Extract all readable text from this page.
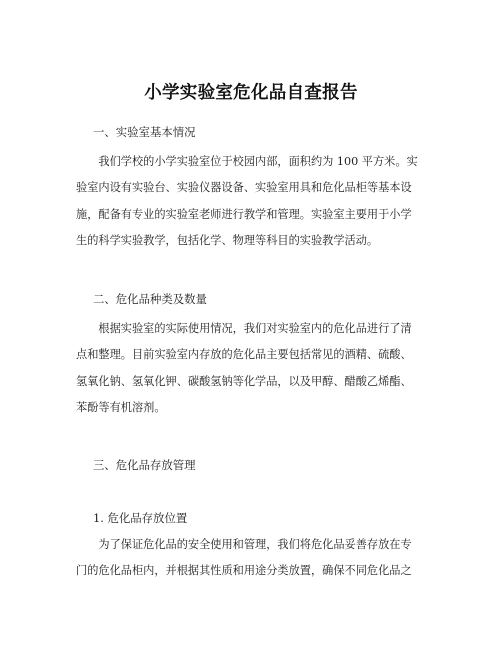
小学实验室危化品自查报告

一、实验室基本情况

我们学校的小学实验室位于校园内部，面积约为 100 平方米。实
验室内设有实验台、实验仪器设备、实验室用具和危化品柜等基本设
施，配备有专业的实验室老师进行教学和管理。实验室主要用于小学
生的科学实验教学，包括化学、物理等科目的实验教学活动。

二、危化品种类及数量

根据实验室的实际使用情况，我们对实验室内的危化品进行了清
点和整理。目前实验室内存放的危化品主要包括常见的酒精、硫酸、
氢氧化钠、氢氧化钾、碳酸氢钠等化学品，以及甲醇、醋酸乙烯酯、
苯酚等有机溶剂。

三、危化品存放管理

1. 危化品存放位置

为了保证危化品的安全使用和管理，我们将危化品妥善存放在专
门的危化品柜内，并根据其性质和用途分类放置，确保不同危化品之
